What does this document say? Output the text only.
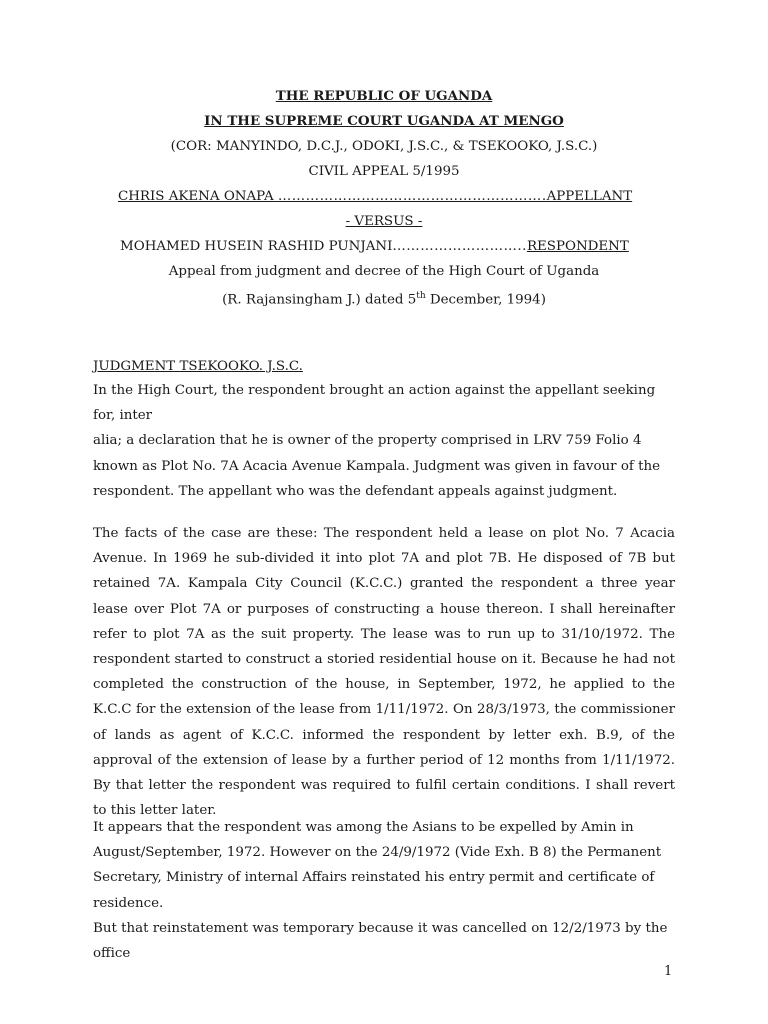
THE REPUBLIC OF UGANDA
IN THE SUPREME COURT UGANDA AT MENGO
(COR: MANYINDO, D.C.J., ODOKI, J.S.C., & TSEKOOKO, J.S.C.)
CIVIL APPEAL 5/1995
CHRIS AKENA ONAPA ………………………………………………….APPELLANT
- VERSUS -
MOHAMED HUSEIN RASHID PUNJANI………………………..RESPONDENT
Appeal from judgment and decree of the High Court of Uganda (R. Rajansingham J.) dated 5th December, 1994)
JUDGMENT TSEKOOKO. J.S.C.
In the High Court, the respondent brought an action against the appellant seeking for, inter
alia; a declaration that he is owner of the property comprised in LRV 759 Folio 4
known as Plot No. 7A Acacia Avenue Kampala. Judgment was given in favour of the
respondent. The appellant who was the defendant appeals against judgment.
The facts of the case are these: The respondent held a lease on plot No. 7 Acacia Avenue. In 1969 he sub-divided it into plot 7A and plot 7B. He disposed of 7B but retained 7A. Kampala City Council (K.C.C.) granted the respondent a three year lease over Plot 7A or purposes of constructing a house thereon. I shall hereinafter refer to plot 7A as the suit property. The lease was to run up to 31/10/1972. The respondent started to construct a storied residential house on it. Because he had not completed the construction of the house, in September, 1972, he applied to the K.C.C for the extension of the lease from 1/11/1972. On 28/3/1973, the commissioner of lands as agent of K.C.C. informed the respondent by letter exh. B.9, of the approval of the extension of lease by a further period of 12 months from 1/11/1972. By that letter the respondent was required to fulfil certain conditions. I shall revert to this letter later.
It appears that the respondent was among the Asians to be expelled by Amin in
August/September, 1972. However on the 24/9/1972 (Vide Exh. B 8) the Permanent
Secretary, Ministry of internal Affairs reinstated his entry permit and certificate of residence.
But that reinstatement was temporary because it was cancelled on 12/2/1973 by the office
1
